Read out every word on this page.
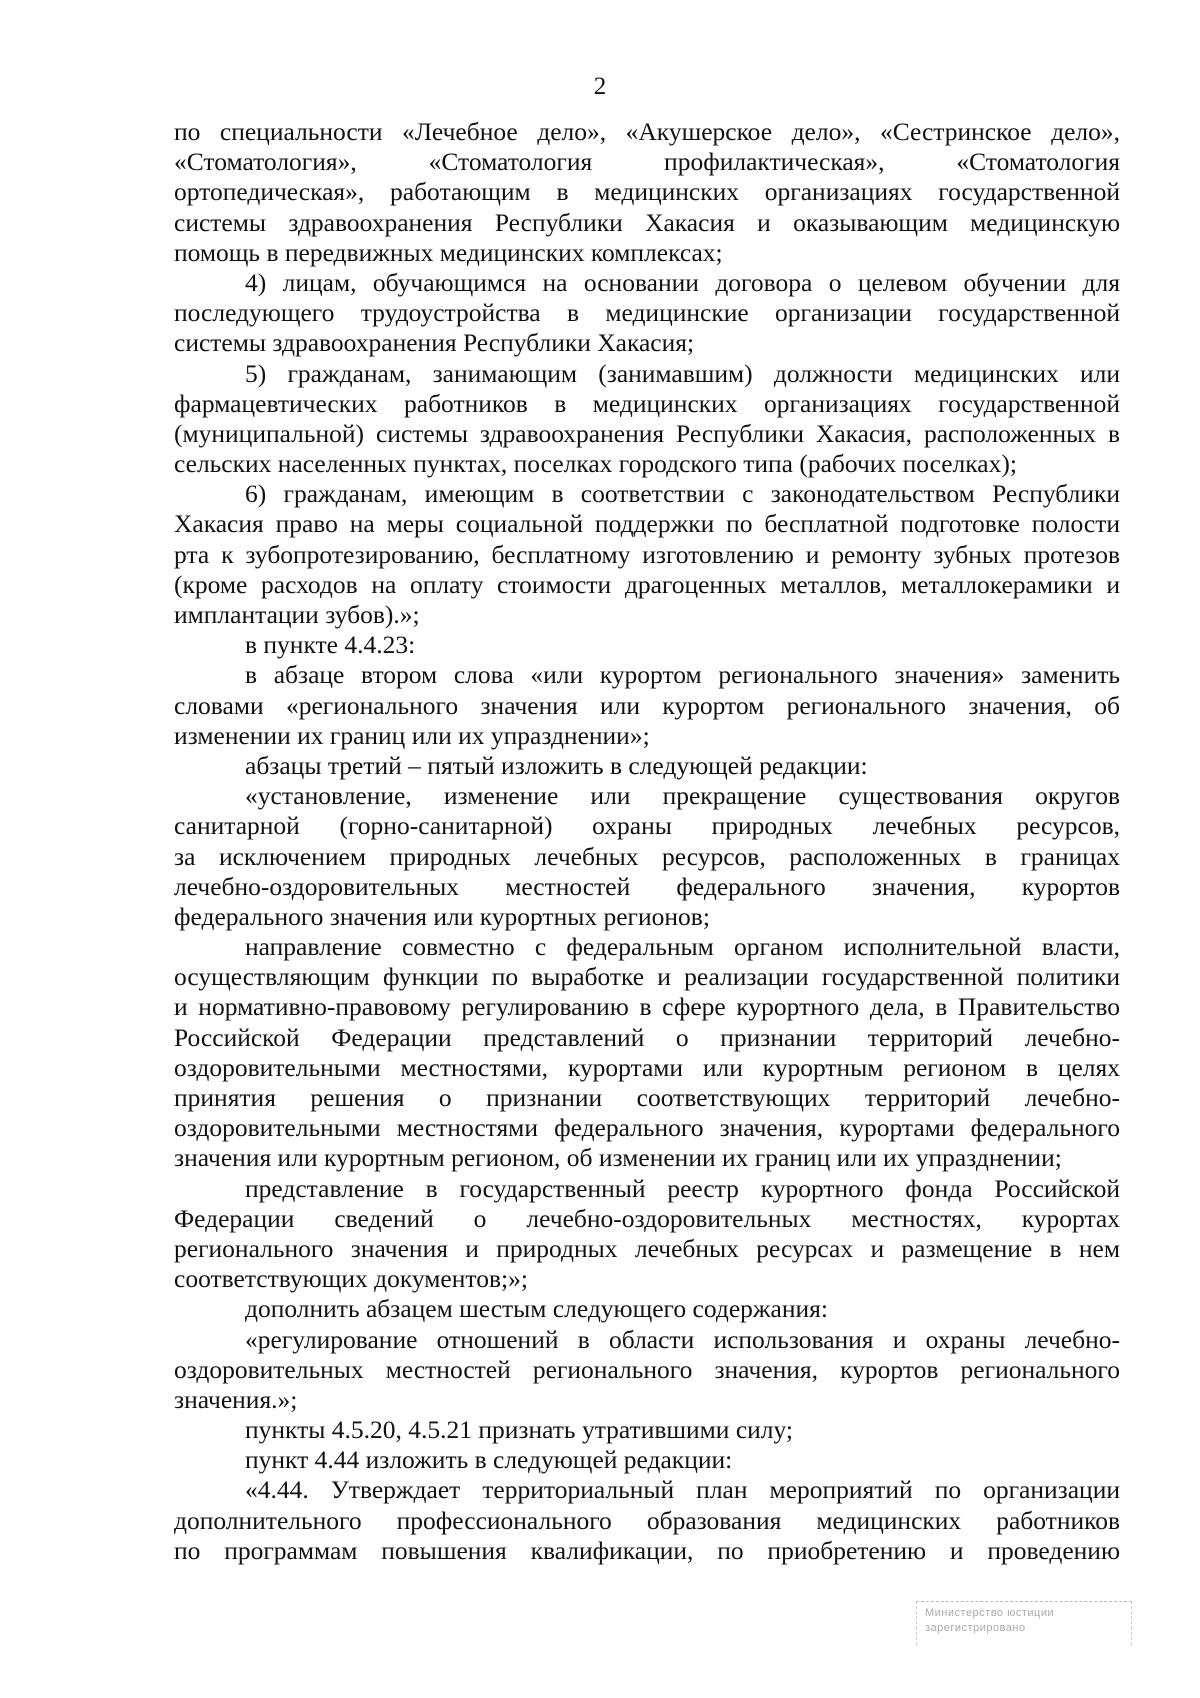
2
по специальности «Лечебное дело», «Акушерское дело», «Сестринское дело»,
«Стоматология», «Стоматология профилактическая», «Стоматология
ортопедическая», работающим в медицинских организациях государственной
системы здравоохранения Республики Хакасия и оказывающим медицинскую
помощь в передвижных медицинских комплексах;
4) лицам, обучающимся на основании договора о целевом обучении для
последующего трудоустройства в медицинские организации государственной
системы здравоохранения Республики Хакасия;
5) гражданам, занимающим (занимавшим) должности медицинских или
фармацевтических работников в медицинских организациях государственной
(муниципальной) системы здравоохранения Республики Хакасия, расположенных в
сельских населенных пунктах, поселках городского типа (рабочих поселках);
6) гражданам, имеющим в соответствии с законодательством Республики
Хакасия право на меры социальной поддержки по бесплатной подготовке полости
рта к зубопротезированию, бесплатному изготовлению и ремонту зубных протезов
(кроме расходов на оплату стоимости драгоценных металлов, металлокерамики и
имплантации зубов).»;
в пункте 4.4.23:
в абзаце втором слова «или курортом регионального значения» заменить
словами «регионального значения или курортом регионального значения, об
изменении их границ или их упразднении»;
абзацы третий – пятый изложить в следующей редакции:
«установление, изменение или прекращение существования округов
санитарной (горно-санитарной) охраны природных лечебных ресурсов,
за исключением природных лечебных ресурсов, расположенных в границах
лечебно-оздоровительных местностей федерального значения, курортов
федерального значения или курортных регионов;
направление совместно с федеральным органом исполнительной власти,
осуществляющим функции по выработке и реализации государственной политики
и нормативно-правовому регулированию в сфере курортного дела, в Правительство
Российской Федерации представлений о признании территорий лечебно-
оздоровительными местностями, курортами или курортным регионом в целях
принятия решения о признании соответствующих территорий лечебно-
оздоровительными местностями федерального значения, курортами федерального
значения или курортным регионом, об изменении их границ или их упразднении;
представление в государственный реестр курортного фонда Российской
Федерации сведений о лечебно-оздоровительных местностях, курортах
регионального значения и природных лечебных ресурсах и размещение в нем
соответствующих документов;»;
дополнить абзацем шестым следующего содержания:
«регулирование отношений в области использования и охраны лечебно-
оздоровительных местностей регионального значения, курортов регионального
значения.»;
пункты 4.5.20, 4.5.21 признать утратившими силу;
пункт 4.44 изложить в следующей редакции:
«4.44. Утверждает территориальный план мероприятий по организации
дополнительного профессионального образования медицинских работников
по программам повышения квалификации, по приобретению и проведению
Министерство юстиции
зарегистрировано
